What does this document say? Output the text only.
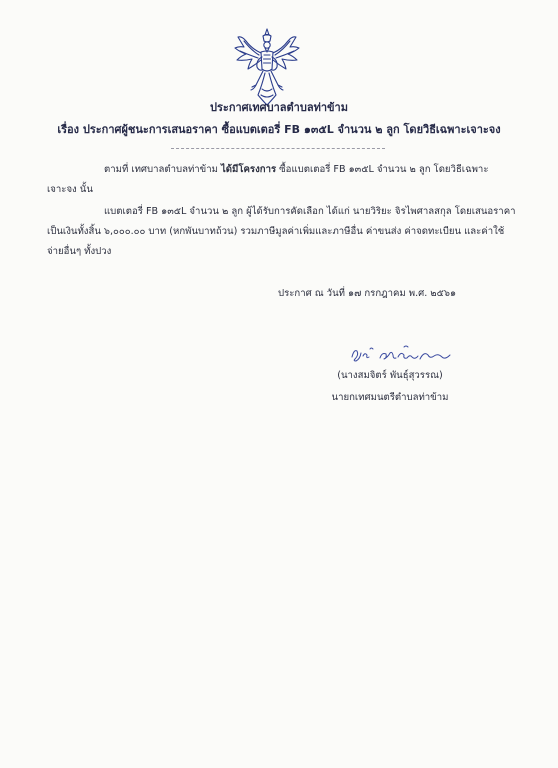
ประกาศเทศบาลตำบลท่าข้าม
เรื่อง ประกาศผู้ชนะการเสนอราคา ซื้อแบตเตอรี่ FB ๑๓๕L จำนวน ๒ ลูก โดยวิธีเฉพาะเจาะจง
ตามที่ เทศบาลตำบลท่าข้าม ได้มีโครงการ ซื้อแบตเตอรี่ FB ๑๓๕L จำนวน ๒ ลูก โดยวิธีเฉพาะ
เจาะจง นั้น
แบตเตอรี่ FB ๑๓๕L จำนวน ๒ ลูก ผู้ได้รับการคัดเลือก ได้แก่ นายวิริยะ จิรไพศาลสกุล โดยเสนอราคา
เป็นเงินทั้งสิ้น ๖,๐๐๐.๐๐ บาท (หกพันบาทถ้วน) รวมภาษีมูลค่าเพิ่มและภาษีอื่น ค่าขนส่ง ค่าจดทะเบียน และค่าใช้
จ่ายอื่นๆ ทั้งปวง
ประกาศ ณ วันที่ ๑๗ กรกฎาคม พ.ศ. ๒๕๖๑
(นางสมจิตร์ พันธุ์สุวรรณ)
นายกเทศมนตรีตำบลท่าข้าม
